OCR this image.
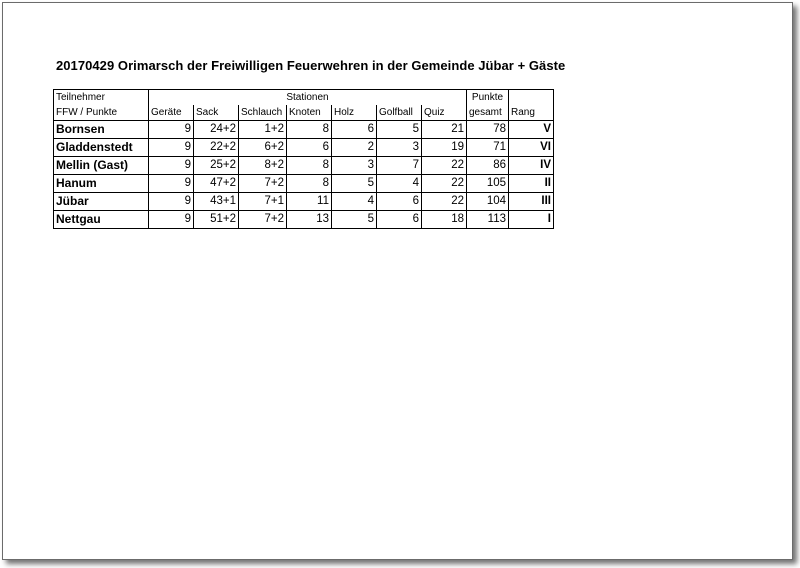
20170429 Orimarsch der Freiwilligen Feuerwehren in der Gemeinde Jübar + Gäste
Teilnehmer	Stationen							Punkte	
FFW / Punkte	Geräte	Sack	Schlauch	Knoten	Holz	Golfball	Quiz	gesamt	Rang
Bornsen	9	24+2	1+2	8	6	5	21	78	V
Gladdenstedt	9	22+2	6+2	6	2	3	19	71	VI
Mellin (Gast)	9	25+2	8+2	8	3	7	22	86	IV
Hanum	9	47+2	7+2	8	5	4	22	105	II
Jübar	9	43+1	7+1	11	4	6	22	104	III
Nettgau	9	51+2	7+2	13	5	6	18	113	I
